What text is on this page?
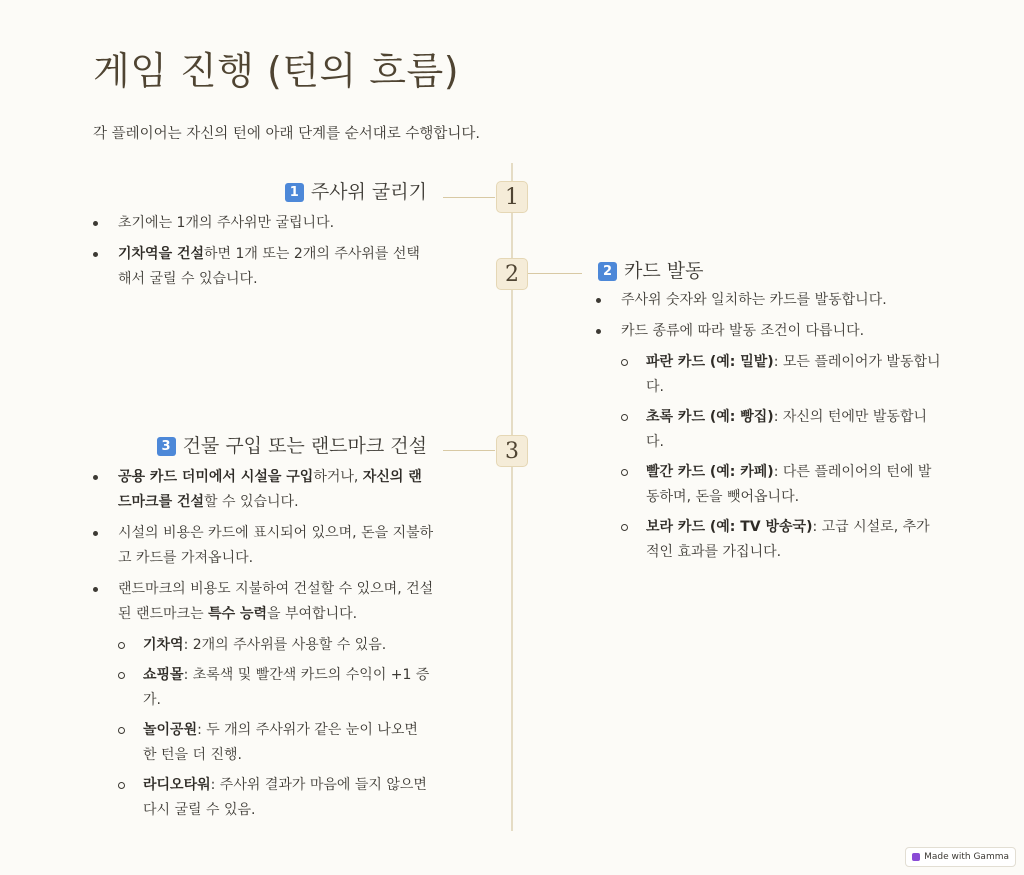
게임 진행 (턴의 흐름)
각 플레이어는 자신의 턴에 아래 단계를 순서대로 수행합니다.
1
1 주사위 굴리기
초기에는 1개의 주사위만 굴립니다.
기차역을 건설하면 1개 또는 2개의 주사위를 선택해서 굴릴 수 있습니다.	2	2 카드 발동
주사위 숫자와 일치하는 카드를 발동합니다.
카드 종류에 따라 발동 조건이 다릅니다.
파란 카드 (예: 밀밭): 모든 플레이어가 발동합니다.
초록 카드 (예: 빵집): 자신의 턴에만 발동합니다.
빨간 카드 (예: 카페): 다른 플레이어의 턴에 발동하며, 돈을 뺏어옵니다.
보라 카드 (예: TV 방송국): 고급 시설로, 추가적인 효과를 가집니다.
3
3 건물 구입 또는 랜드마크 건설
공용 카드 더미에서 시설을 구입하거나, 자신의 랜드마크를 건설할 수 있습니다.
시설의 비용은 카드에 표시되어 있으며, 돈을 지불하고 카드를 가져옵니다.
랜드마크의 비용도 지불하여 건설할 수 있으며, 건설된 랜드마크는 특수 능력을 부여합니다.
기차역: 2개의 주사위를 사용할 수 있음.
쇼핑몰: 초록색 및 빨간색 카드의 수익이 +1 증가.
놀이공원: 두 개의 주사위가 같은 눈이 나오면 한 턴을 더 진행.
라디오타워: 주사위 결과가 마음에 들지 않으면 다시 굴릴 수 있음.
Made with Gamma
